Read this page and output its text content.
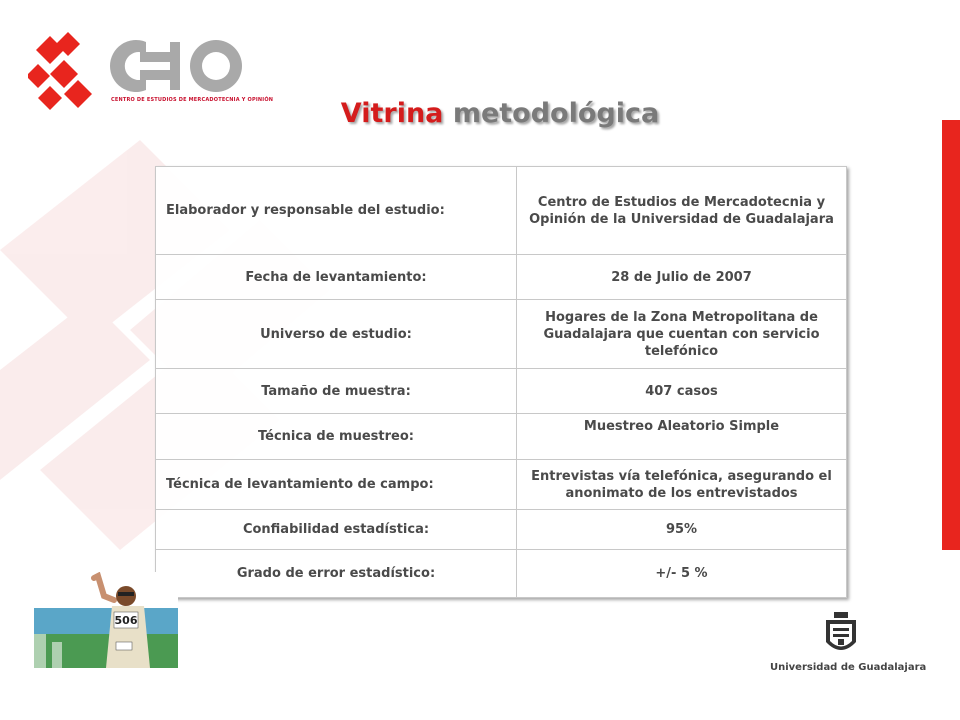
CENTRO DE ESTUDIOS DE MERCADOTECNIA Y OPINIÓN	Vitrina metodológica
Elaborador y responsable del estudio:	Centro de Estudios de Mercadotecnia y Opinión de la Universidad de Guadalajara
Fecha de levantamiento:	28 de Julio de 2007
Universo de estudio:	Hogares de la Zona Metropolitana de Guadalajara que cuentan con servicio telefónico
Tamaño de muestra:	407 casos
Técnica de muestreo:	Muestreo Aleatorio Simple
Técnica de levantamiento de campo:	Entrevistas vía telefónica, asegurando el anonimato de los entrevistados
Confiabilidad estadística:	95%
Grado de error estadístico:	+/- 5 %
506
Universidad de Guadalajara
